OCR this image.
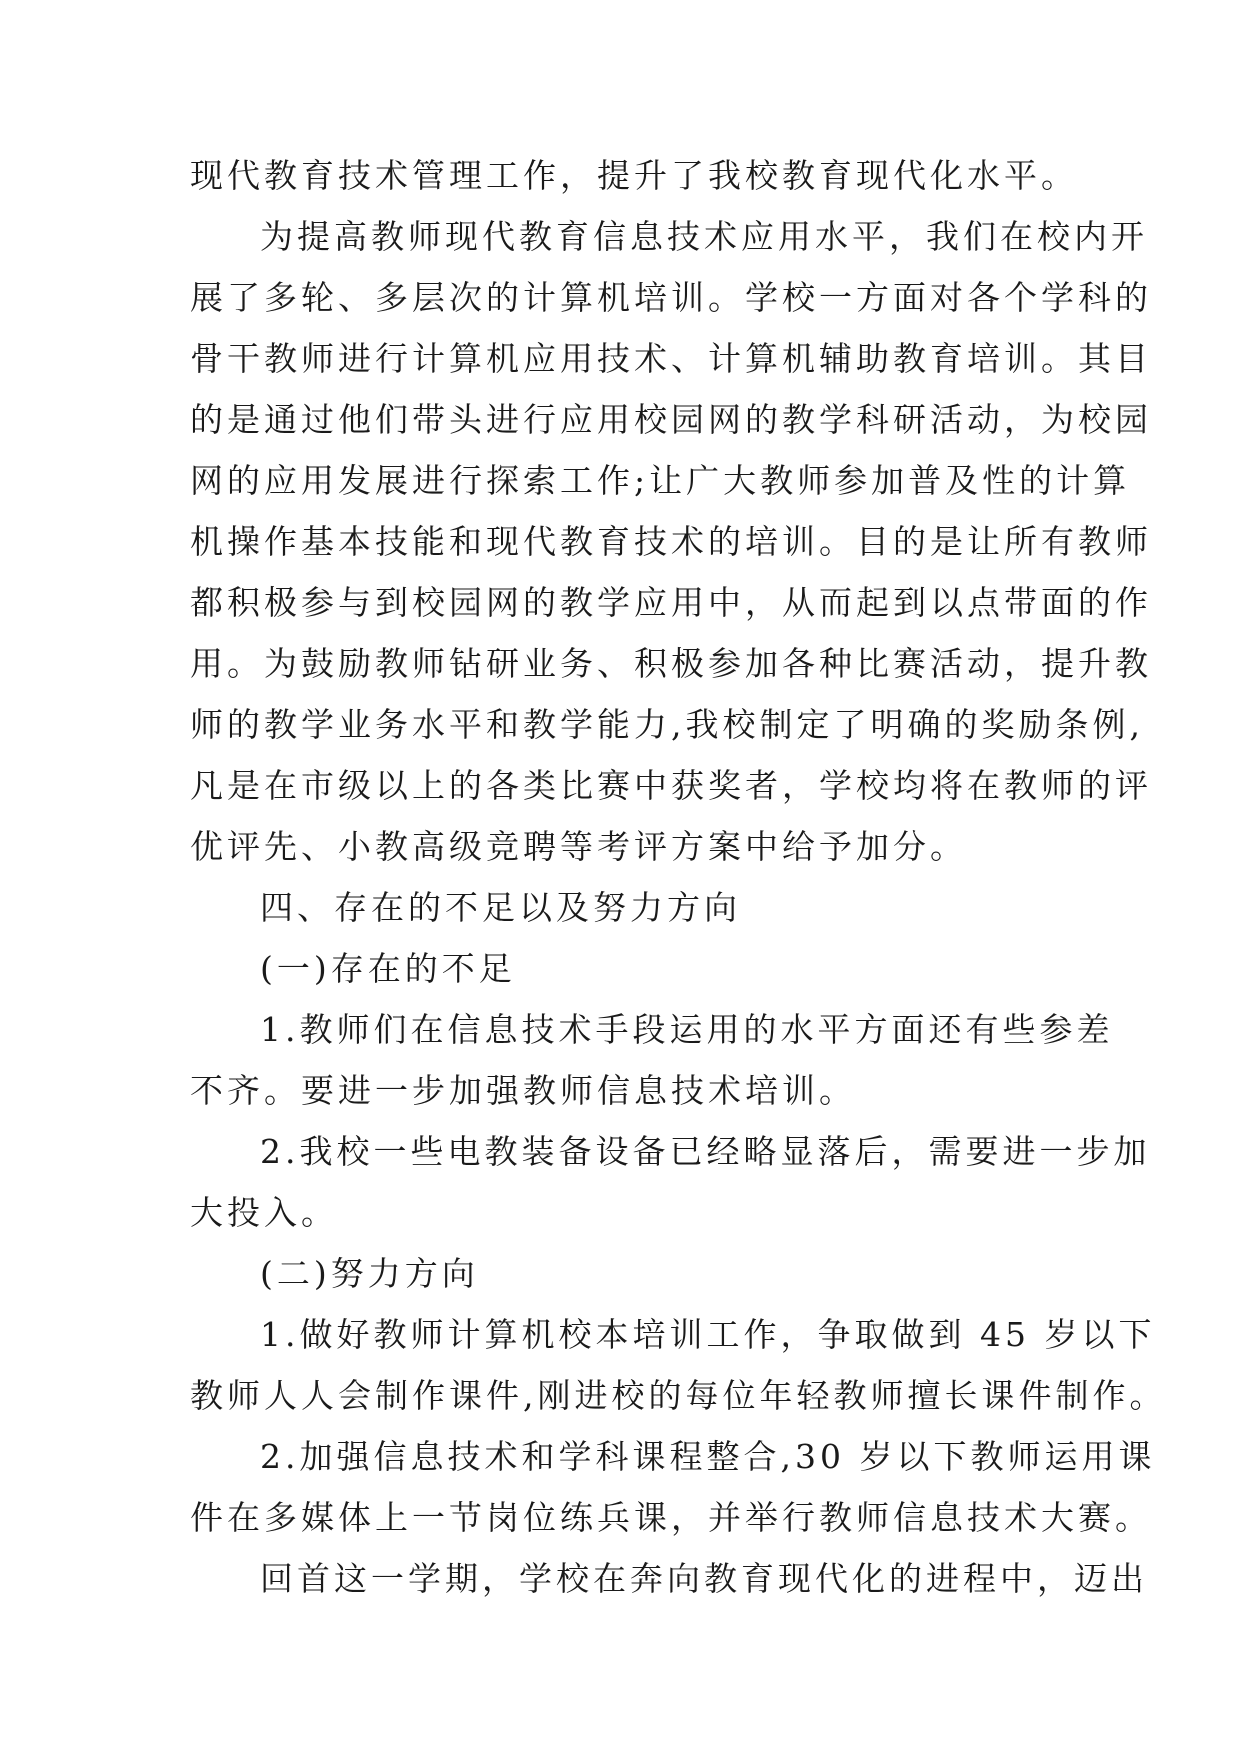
现代教育技术管理工作，提升了我校教育现代化水平。
为提高教师现代教育信息技术应用水平，我们在校内开
展了多轮、多层次的计算机培训。学校一方面对各个学科的
骨干教师进行计算机应用技术、计算机辅助教育培训。其目
的是通过他们带头进行应用校园网的教学科研活动，为校园
网的应用发展进行探索工作;让广大教师参加普及性的计算
机操作基本技能和现代教育技术的培训。目的是让所有教师
都积极参与到校园网的教学应用中，从而起到以点带面的作
用。为鼓励教师钻研业务、积极参加各种比赛活动，提升教
师的教学业务水平和教学能力,我校制定了明确的奖励条例,
凡是在市级以上的各类比赛中获奖者，学校均将在教师的评
优评先、小教高级竞聘等考评方案中给予加分。
四、存在的不足以及努力方向
(一)存在的不足
1.教师们在信息技术手段运用的水平方面还有些参差
不齐。要进一步加强教师信息技术培训。
2.我校一些电教装备设备已经略显落后，需要进一步加
大投入。
(二)努力方向
1.做好教师计算机校本培训工作，争取做到 45 岁以下
教师人人会制作课件,刚进校的每位年轻教师擅长课件制作。
2.加强信息技术和学科课程整合,30 岁以下教师运用课
件在多媒体上一节岗位练兵课，并举行教师信息技术大赛。
回首这一学期，学校在奔向教育现代化的进程中，迈出
